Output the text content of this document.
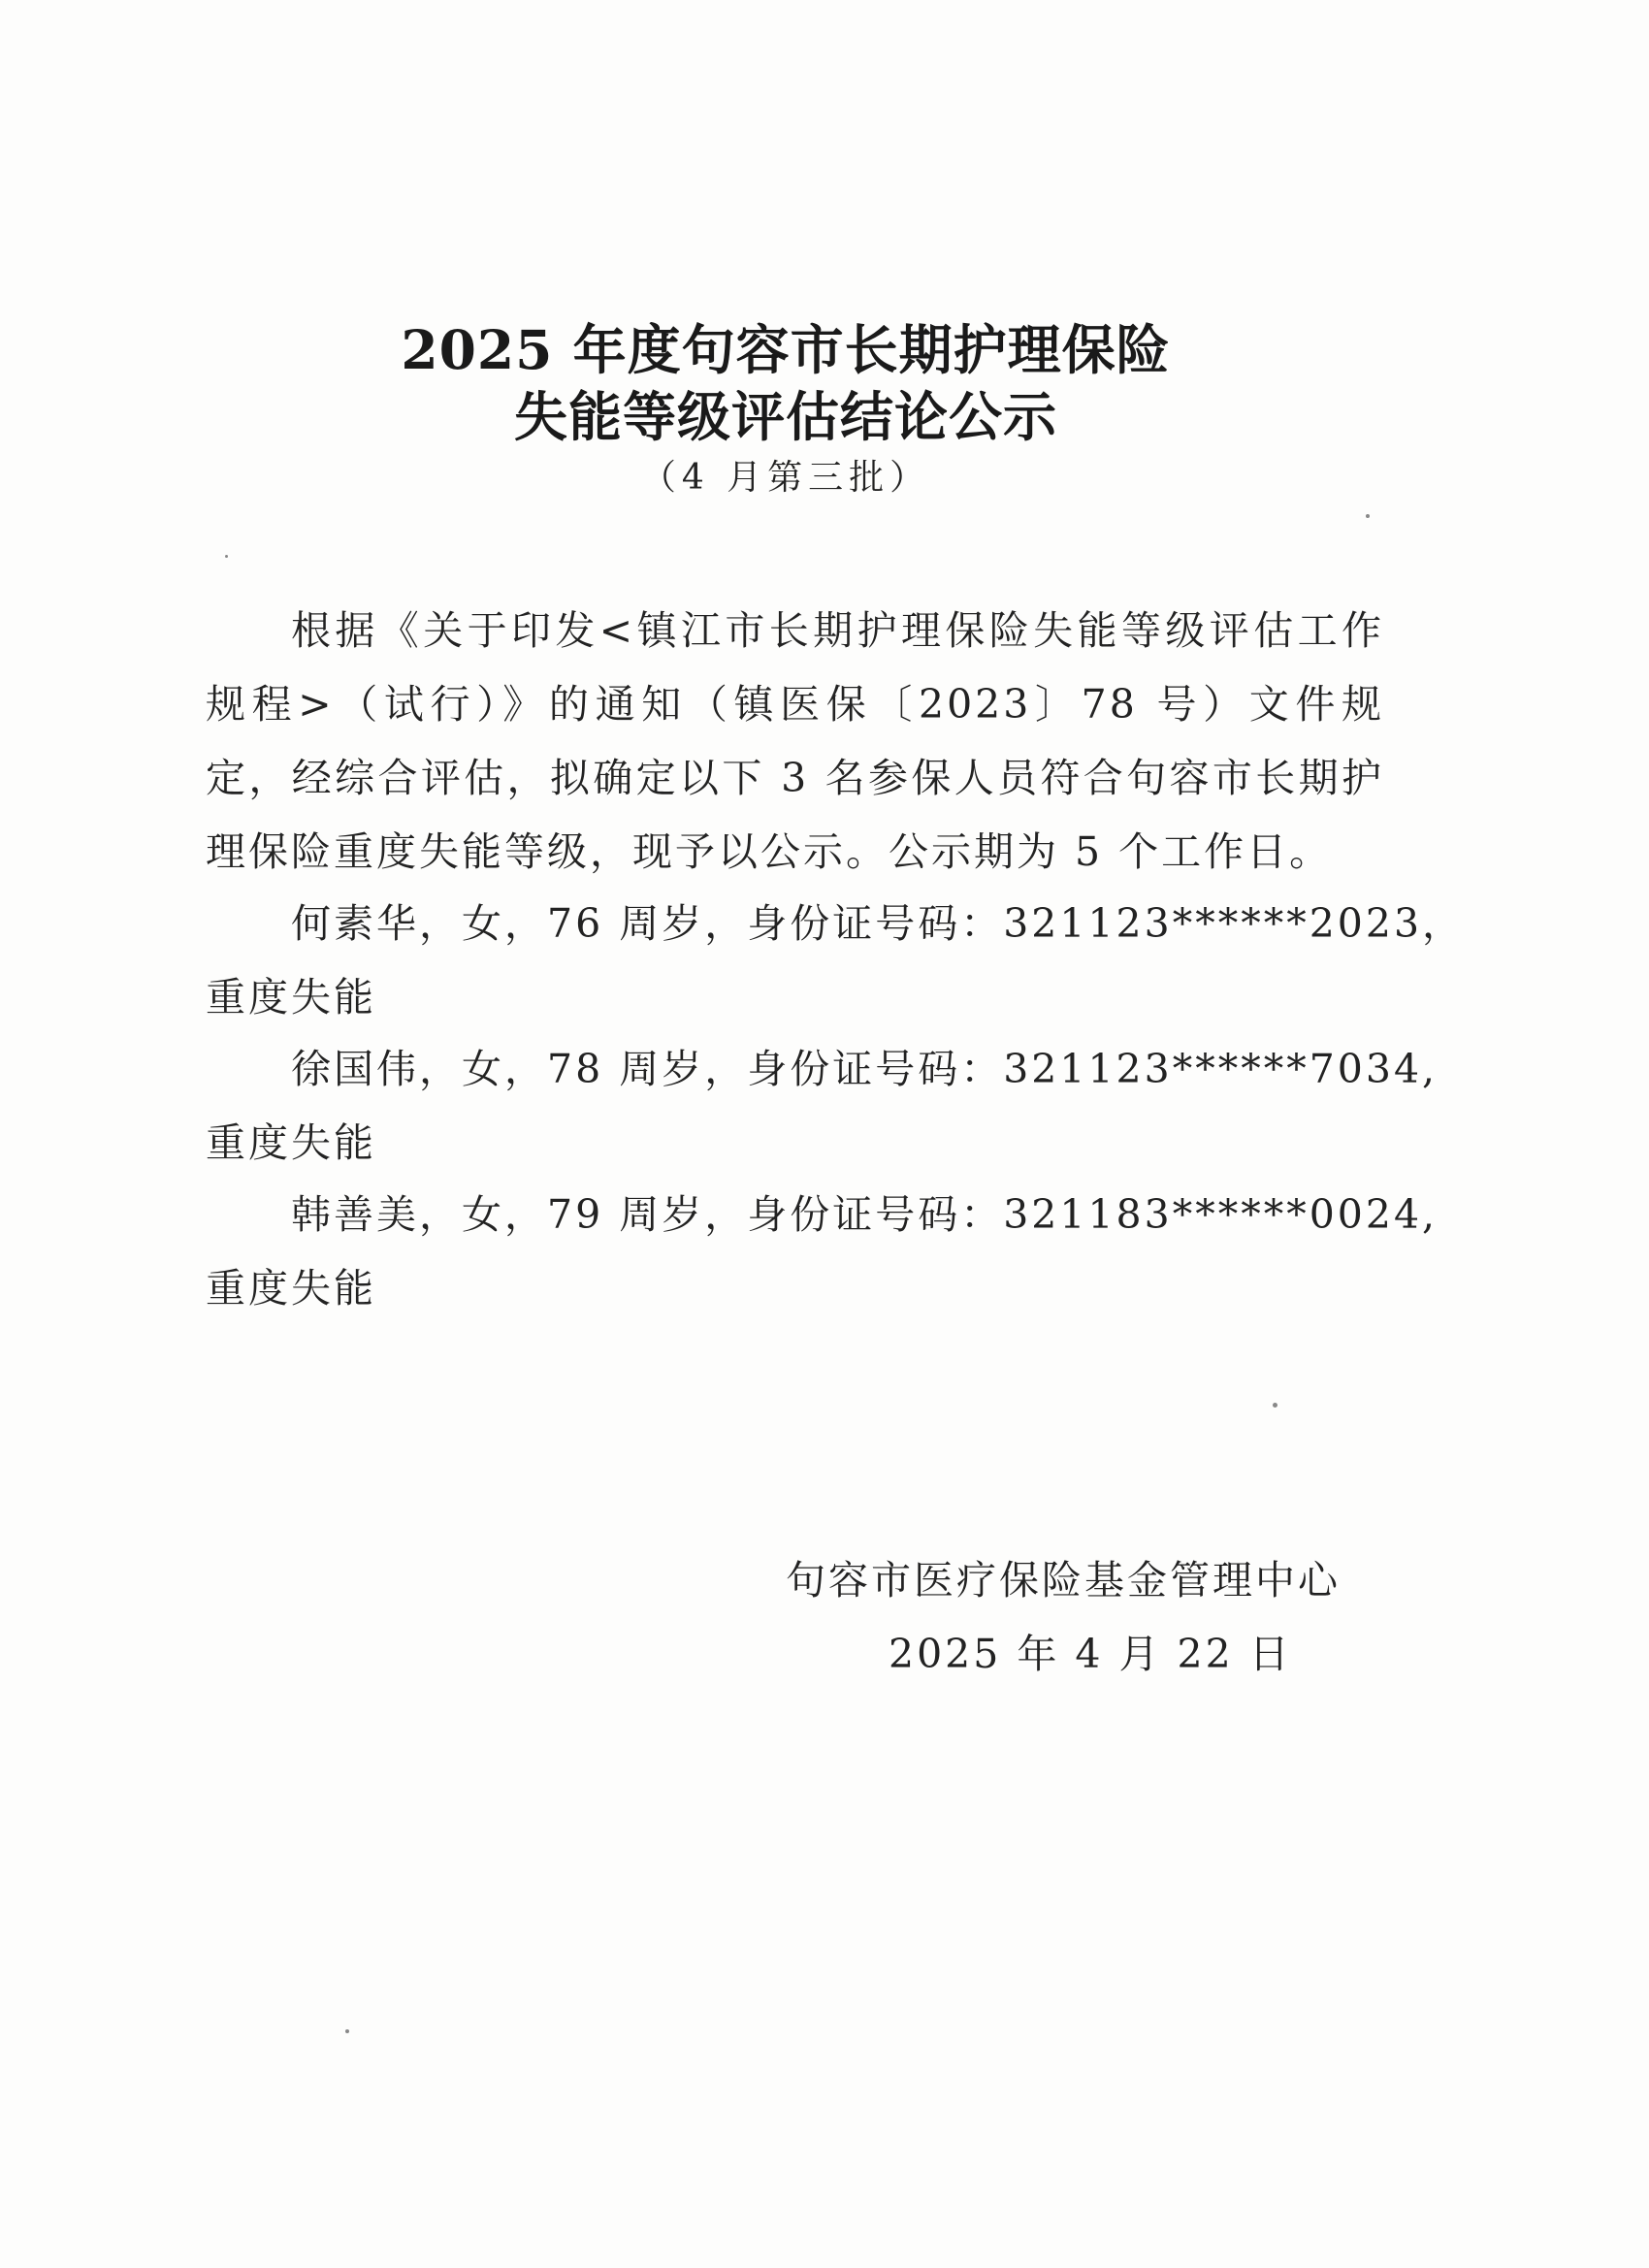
2025 年度句容市长期护理保险
失能等级评估结论公示
（4 月第三批）

根据《关于印发<镇江市长期护理保险失能等级评估工作规程>（试行）》的通知（镇医保〔2023〕78 号）文件规定，经综合评估，拟确定以下 3 名参保人员符合句容市长期护理保险重度失能等级，现予以公示。公示期为 5 个工作日。

何素华，女，76 周岁，身份证号码：321123******2023，
重度失能
徐国伟，女，78 周岁，身份证号码：321123******7034,
重度失能
韩善美，女，79 周岁，身份证号码：321183******0024,
重度失能
句容市医疗保险基金管理中心
2025 年 4 月 22 日
